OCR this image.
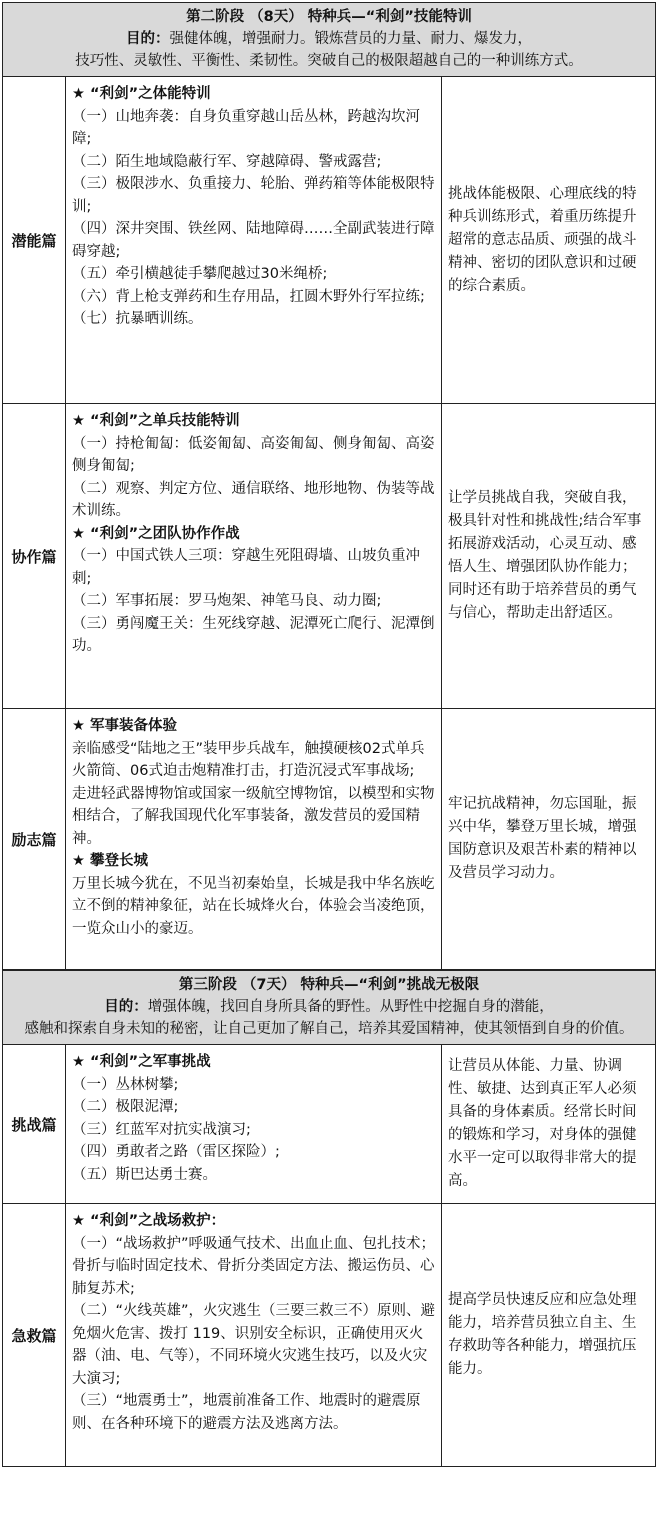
第二阶段 （8天） 特种兵—“利剑”技能特训
目的：强健体魄，增强耐力。锻炼营员的力量、耐力、爆发力，
技巧性、灵敏性、平衡性、柔韧性。突破自己的极限超越自己的一种训练方式。
潜能篇

★ “利剑”之体能特训

（一）山地奔袭：自身负重穿越山岳丛林，跨越沟坎河障;

（二）陌生地域隐蔽行军、穿越障碍、警戒露营;

（三）极限涉水、负重接力、轮胎、弹药箱等体能极限特训;

（四）深井突围、铁丝网、陆地障碍……全副武装进行障碍穿越;

（五）牵引横越徒手攀爬越过30米绳桥;

（六）背上枪支弹药和生存用品，扛圆木野外行军拉练;

（七）抗暴晒训练。

挑战体能极限、心理底线的特种兵训练形式，着重历练提升超常的意志品质、顽强的战斗精神、密切的团队意识和过硬的综合素质。
协作篇

★ “利剑”之单兵技能特训

（一）持枪匍匐：低姿匍匐、高姿匍匐、侧身匍匐、高姿侧身匍匐;

（二）观察、判定方位、通信联络、地形地物、伪装等战术训练。

★ “利剑”之团队协作作战

（一）中国式铁人三项：穿越生死阻碍墙、山坡负重冲刺;

（二）军事拓展：罗马炮架、神笔马良、动力圈;

（三）勇闯魔王关：生死线穿越、泥潭死亡爬行、泥潭倒功。

让学员挑战自我，突破自我，极具针对性和挑战性;结合军事拓展游戏活动，心灵互动、感悟人生、增强团队协作能力；同时还有助于培养营员的勇气与信心，帮助走出舒适区。
励志篇

★ 军事装备体验

亲临感受“陆地之王”装甲步兵战车，触摸硬核02式单兵火箭筒、06式迫击炮精准打击，打造沉浸式军事战场;

走进轻武器博物馆或国家一级航空博物馆，以模型和实物相结合，了解我国现代化军事装备，激发营员的爱国精神。

★ 攀登长城

万里长城今犹在，不见当初秦始皇，长城是我中华名族屹立不倒的精神象征，站在长城烽火台，体验会当凌绝顶，一览众山小的豪迈。

牢记抗战精神，勿忘国耻，振兴中华，攀登万里长城，增强国防意识及艰苦朴素的精神以及营员学习动力。
第三阶段 （7天） 特种兵—“利剑”挑战无极限
目的：增强体魄，找回自身所具备的野性。从野性中挖掘自身的潜能，
感触和探索自身未知的秘密，让自己更加了解自己，培养其爱国精神，使其领悟到自身的价值。
挑战篇

★ “利剑”之军事挑战

（一）丛林树攀;

（二）极限泥潭;

（三）红蓝军对抗实战演习;

（四）勇敢者之路（雷区探险）;

（五）斯巴达勇士赛。

让营员从体能、力量、协调性、敏捷、达到真正军人必须具备的身体素质。经常长时间的锻炼和学习，对身体的强健水平一定可以取得非常大的提高。
急救篇

★ “利剑”之战场救护：

（一）“战场救护”呼吸通气技术、出血止血、包扎技术；骨折与临时固定技术、骨折分类固定方法、搬运伤员、心肺复苏术;

（二）“火线英雄”，火灾逃生（三要三救三不）原则、避免烟火危害、拨打 119、识别安全标识，正确使用灭火器（油、电、气等），不同环境火灾逃生技巧，以及火灾大演习;

（三）“地震勇士”，地震前准备工作、地震时的避震原则、在各种环境下的避震方法及逃离方法。

提高学员快速反应和应急处理能力，培养营员独立自主、生存救助等各种能力，增强抗压能力。
